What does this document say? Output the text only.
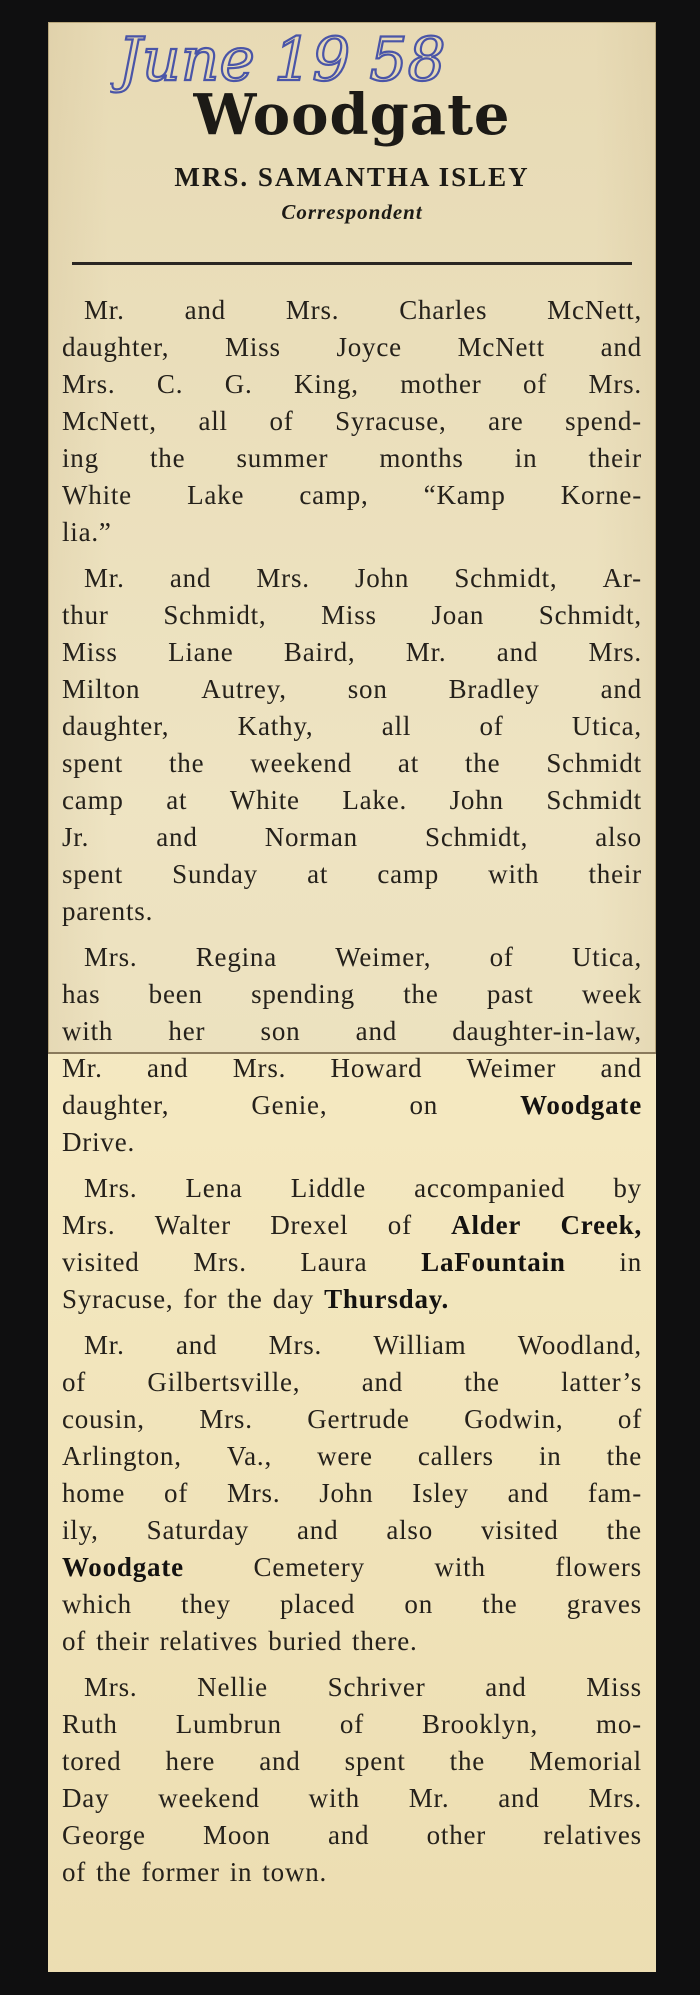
June 19 58
Woodgate
MRS. SAMANTHA ISLEY
Correspondent
Mr. and Mrs. Charles McNett,
daughter, Miss Joyce McNett and
Mrs. C. G. King, mother of Mrs.
McNett, all of Syracuse, are spend-
ing the summer months in their
White Lake camp, “Kamp Korne-
lia.”
Mr. and Mrs. John Schmidt, Ar-
thur Schmidt, Miss Joan Schmidt,
Miss Liane Baird, Mr. and Mrs.
Milton Autrey, son Bradley and
daughter,	Kathy,	all	of	Utica,
spent the weekend at the Schmidt
camp at White Lake. John Schmidt
Jr. and Norman Schmidt, also
spent Sunday at camp with their
parents.
Mrs. Regina Weimer, of Utica,
has been spending the past week
with her son and daughter-in-law,
Mr. and Mrs. Howard Weimer and
daughter,	Genie,	on	Woodgate
Drive.
Mrs. Lena Liddle accompanied by
Mrs. Walter Drexel of Alder Creek,
visited Mrs. Laura LaFountain in
Syracuse, for the day Thursday.
Mr. and Mrs. William Woodland,
of Gilbertsville, and the latter’s
cousin, Mrs. Gertrude Godwin, of
Arlington, Va., were callers in the
home of Mrs. John Isley and fam-
ily, Saturday and also visited the
Woodgate	Cemetery	with	flowers
which they placed on the graves
of their relatives buried there.
Mrs. Nellie Schriver and Miss
Ruth Lumbrun of Brooklyn, mo-
tored here and spent the Memorial
Day weekend with Mr. and Mrs.
George Moon and other relatives
of the former in town.
